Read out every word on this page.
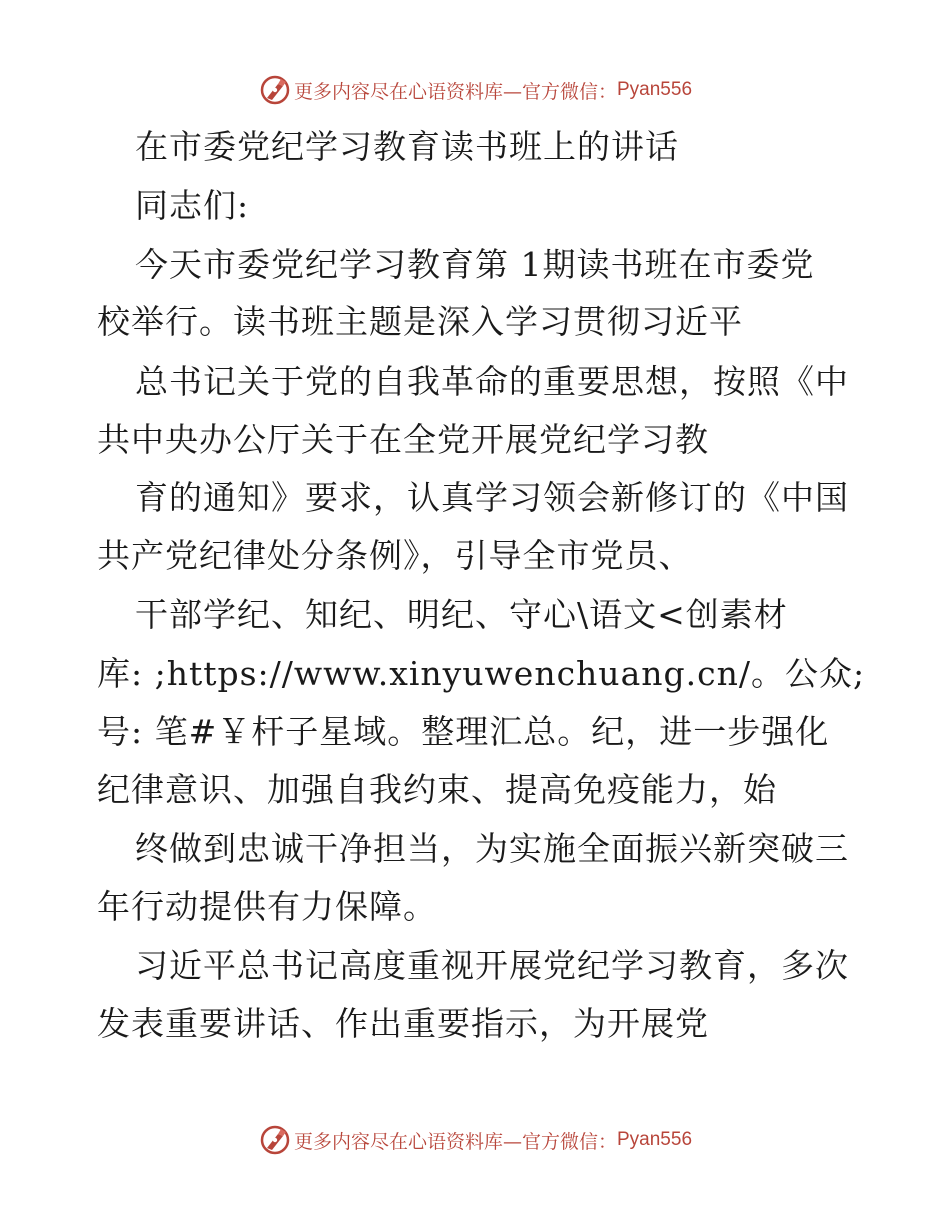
更多内容尽在心语资料库—官方微信： Pyan556
在市委党纪学习教育读书班上的讲话
同志们:
今天市委党纪学习教育第 1期读书班在市委党
校举行。读书班主题是深入学习贯彻习近平
总书记关于党的自我革命的重要思想，按照《中
共中央办公厅关于在全党开展党纪学习教
育的通知》要求，认真学习领会新修订的《中国
共产党纪律处分条例》，引导全市党员、
干部学纪、知纪、明纪、守心\语文<创素材
库: ;https://www.xinyuwenchuang.cn/。公众;
号: 笔#￥杆子星域。整理汇总。纪，进一步强化
纪律意识、加强自我约束、提高免疫能力，始
终做到忠诚干净担当，为实施全面振兴新突破三
年行动提供有力保障。
习近平总书记高度重视开展党纪学习教育，多次
发表重要讲话、作出重要指示，为开展党
更多内容尽在心语资料库—官方微信： Pyan556
